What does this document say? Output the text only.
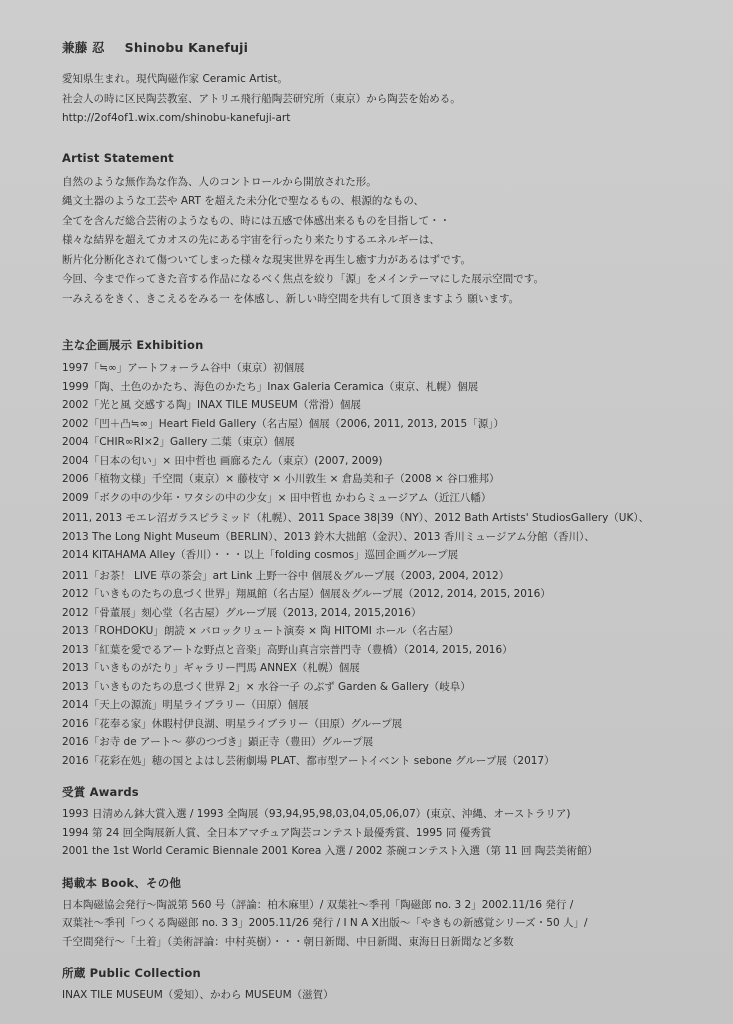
兼藤 忍 Shinobu Kanefuji
愛知県生まれ。現代陶磁作家 Ceramic Artist。
社会人の時に区民陶芸教室、アトリエ飛行船陶芸研究所（東京）から陶芸を始める。
http://2of4of1.wix.com/shinobu-kanefuji-art
Artist Statement
自然のような無作為な作為、人のコントロールから開放された形。
縄文土器のような工芸や ART を超えた未分化で聖なるもの、根源的なもの、
全てを含んだ総合芸術のようなもの、時には五感で体感出来るものを目指して・・
様々な結界を超えてカオスの先にある宇宙を行ったり来たりするエネルギーは、
断片化分断化されて傷ついてしまった様々な現実世界を再生し癒す力があるはずです。
今回、今まで作ってきた音する作品になるべく焦点を絞り「源」をメインテーマにした展示空間です。
一みえるをきく、きこえるをみる一 を体感し、新しい時空間を共有して頂きますよう 願います。
主な企画展示 Exhibition
1997「≒∞」アートフォーラム谷中（東京）初個展
1999「陶、土色のかたち、海色のかたち」Inax Galeria Ceramica（東京、札幌）個展
2002「光と風 交感する陶」INAX TILE MUSEUM（常滑）個展
2002「凹＋凸≒∞」Heart Field Gallery（名古屋）個展（2006, 2011, 2013, 2015「源」）
2004「CHIR∞RI×2」Gallery 二葉（東京）個展
2004「日本の匂い」× 田中哲也 画廊るたん（東京）(2007, 2009)
2006「植物文様」千空間（東京）× 藤枝守 × 小川敦生 × 倉島美和子（2008 × 谷口雅邦）
2009「ボクの中の少年・ワタシの中の少女」× 田中哲也 かわらミュージアム（近江八幡）
2011, 2013 モエレ沼ガラスピラミッド（札幌）、2011 Space 38|39（NY）、2012 Bath Artists' StudiosGallery（UK）、
2013 The Long Night Museum（BERLIN）、2013 鈴木大拙館（金沢）、2013 香川ミュージアム分館（香川）、
2014 KITAHAMA Alley（香川）・・・以上「folding cosmos」巡回企画グループ展
2011「お茶！ LIVE 草の茶会」art Link 上野一谷中 個展＆グループ展（2003, 2004, 2012）
2012「いきものたちの息づく世界」翔風館（名古屋）個展＆グループ展（2012, 2014, 2015, 2016）
2012「骨董展」刻心堂（名古屋）グループ展（2013, 2014, 2015,2016）
2013「ROHDOKU」朗読 × バロックリュート演奏 × 陶 HITOMI ホール（名古屋）
2013「紅葉を愛でるアートな野点と音楽」高野山真言宗普門寺（豊橋）（2014, 2015, 2016）
2013「いきものがたり」ギャラリー門馬 ANNEX（札幌）個展
2013「いきものたちの息づく世界 2」× 水谷一子 のぶず Garden & Gallery（岐阜）
2014「天上の源流」明星ライブラリー（田原）個展
2016「花奉る家」休暇村伊良湖、明星ライブラリー（田原）グループ展
2016「お寺 de アート〜 夢のつづき」顕正寺（豊田）グループ展
2016「花彩在処」穂の国とよはし芸術劇場 PLAT、都市型アートイベント sebone グループ展（2017）
受賞 Awards
1993 日清めん鉢大賞入選 / 1993 全陶展（93,94,95,98,03,04,05,06,07）(東京、沖縄、オーストラリア)
1994 第 24 回全陶展新人賞、全日本アマチュア陶芸コンテスト最優秀賞、1995 同 優秀賞
2001 the 1st World Ceramic Biennale 2001 Korea 入選 / 2002 茶碗コンテスト入選（第 11 回 陶芸美術館）
掲載本 Book、その他
日本陶磁協会発行〜陶説第 560 号（評論：柏木麻里）/ 双葉社〜季刊「陶磁郎 no. 3 2」2002.11/16 発行 /
双葉社〜季刊「つくる陶磁郎 no. 3 3」2005.11/26 発行 / I N A X出版〜「やきもの新感覚シリーズ・50 人」/
千空間発行〜「土着」（美術評論：中村英樹）・・・朝日新聞、中日新聞、東海日日新聞など多数
所蔵 Public Collection
INAX TILE MUSEUM（愛知）、かわら MUSEUM（滋賀）
